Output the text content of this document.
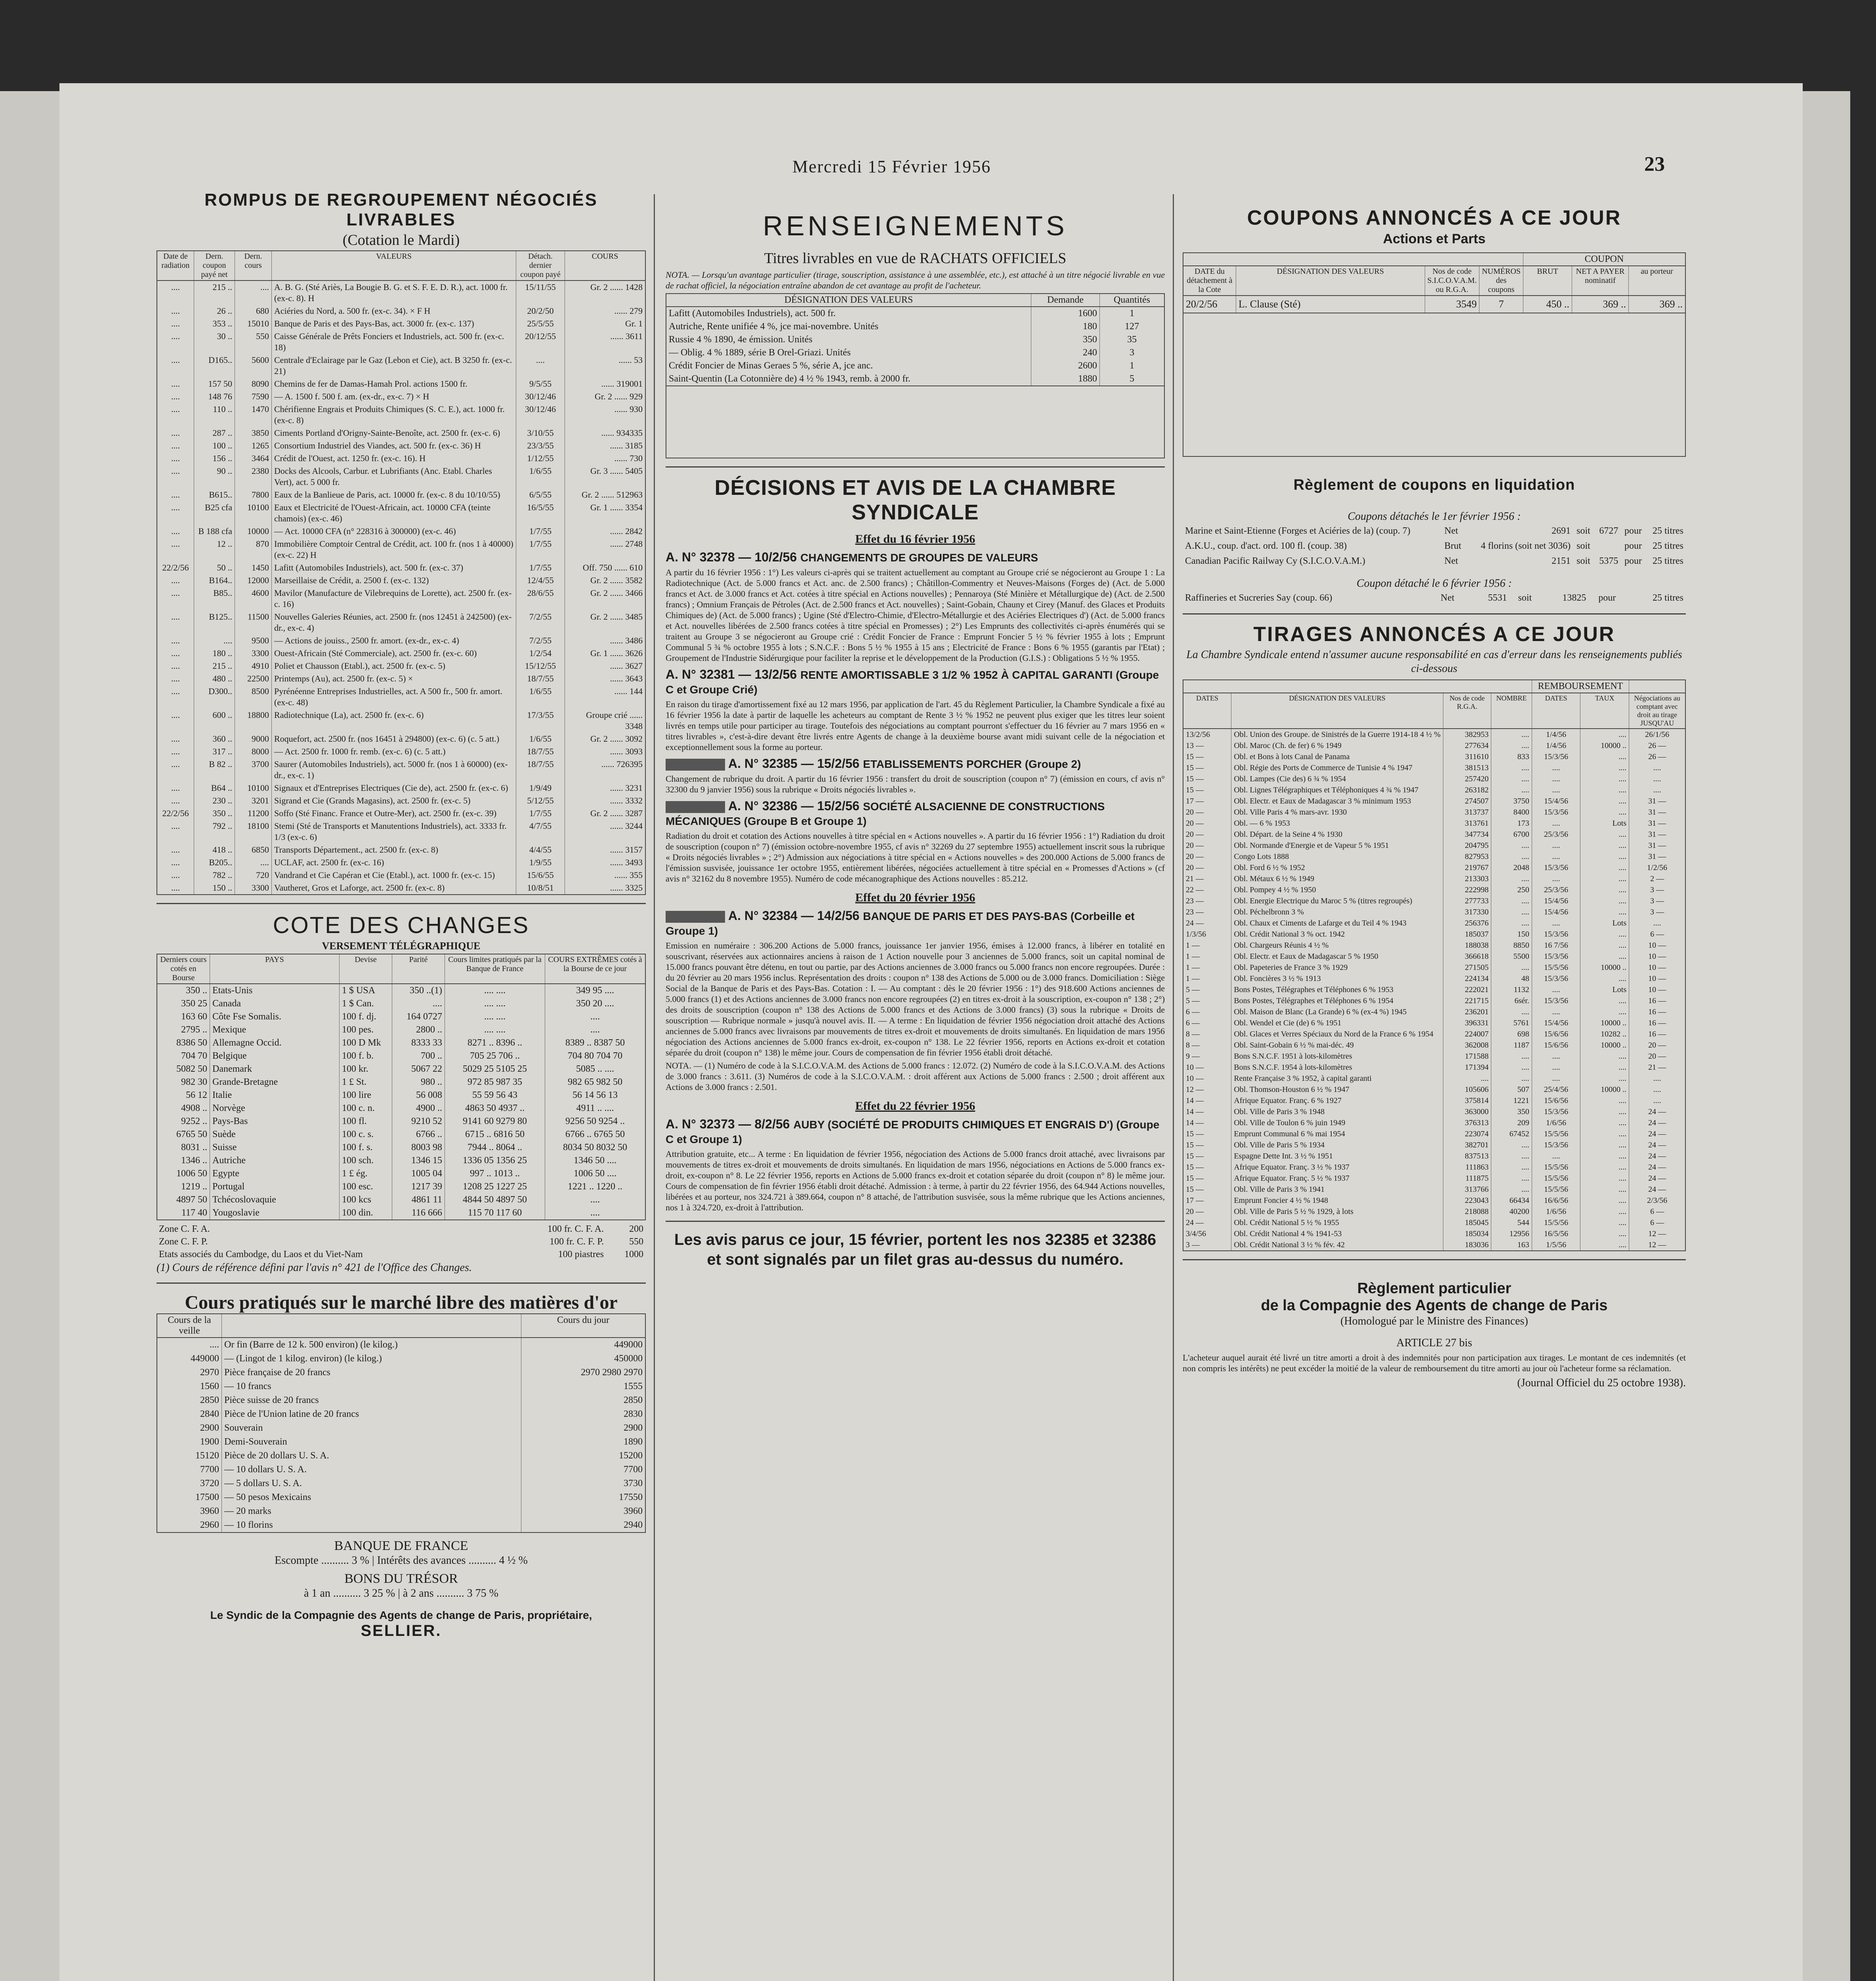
Mercredi 15 Février 1956	23
ROMPUS DE REGROUPEMENT NÉGOCIÉS LIVRABLES
(Cotation le Mardi)
Date de radiation	Dern. coupon payé net	Dern. cours	VALEURS	Détach. dernier coupon payé	COURS
....	215 ..	....	A. B. G. (Sté Ariès, La Bougie B. G. et S. F. E. D. R.), act. 1000 fr. (ex-c. 8). H	15/11/55	Gr. 2 ...... 1428
....	26 ..	680	Aciéries du Nord, a. 500 fr. (ex-c. 34). × F H	20/2/50	...... 279
....	353 ..	15010	Banque de Paris et des Pays-Bas, act. 3000 fr. (ex-c. 137)	25/5/55	Gr. 1
....	30 ..	550	Caisse Générale de Prêts Fonciers et Industriels, act. 500 fr. (ex-c. 18)	20/12/55	...... 3611
....	D165..	5600	Centrale d'Eclairage par le Gaz (Lebon et Cie), act. B 3250 fr. (ex-c. 21)	....	...... 53
....	157 50	8090	Chemins de fer de Damas-Hamah Prol. actions 1500 fr.	9/5/55	...... 319001
....	148 76	7590	— A. 1500 f. 500 f. am. (ex-dr., ex-c. 7) × H	30/12/46	Gr. 2 ...... 929
....	110 ..	1470	Chérifienne Engrais et Produits Chimiques (S. C. E.), act. 1000 fr. (ex-c. 8)	30/12/46	...... 930
....	287 ..	3850	Ciments Portland d'Origny-Sainte-Benoîte, act. 2500 fr. (ex-c. 6)	3/10/55	...... 934335
....	100 ..	1265	Consortium Industriel des Viandes, act. 500 fr. (ex-c. 36) H	23/3/55	...... 3185
....	156 ..	3464	Crédit de l'Ouest, act. 1250 fr. (ex-c. 16). H	1/12/55	...... 730
....	90 ..	2380	Docks des Alcools, Carbur. et Lubrifiants (Anc. Etabl. Charles Vert), act. 5 000 fr.	1/6/55	Gr. 3 ...... 5405
....	B615..	7800	Eaux de la Banlieue de Paris, act. 10000 fr. (ex-c. 8 du 10/10/55)	6/5/55	Gr. 2 ...... 512963
....	B25 cfa	10100	Eaux et Electricité de l'Ouest-Africain, act. 10000 CFA (teinte chamois) (ex-c. 46)	16/5/55	Gr. 1 ...... 3354
....	B 188 cfa	10000	— Act. 10000 CFA (n° 228316 à 300000) (ex-c. 46)	1/7/55	...... 2842
....	12 ..	870	Immobilière Comptoir Central de Crédit, act. 100 fr. (nos 1 à 40000) (ex-c. 22) H	1/7/55	...... 2748
22/2/56	50 ..	1450	Lafitt (Automobiles Industriels), act. 500 fr. (ex-c. 37)	1/7/55	Off. 750 ...... 610
....	B164..	12000	Marseillaise de Crédit, a. 2500 f. (ex-c. 132)	12/4/55	Gr. 2 ...... 3582
....	B85..	4600	Mavilor (Manufacture de Vilebrequins de Lorette), act. 2500 fr. (ex-c. 16)	28/6/55	Gr. 2 ...... 3466
....	B125..	11500	Nouvelles Galeries Réunies, act. 2500 fr. (nos 12451 à 242500) (ex-dr., ex-c. 4)	7/2/55	Gr. 2 ...... 3485
....	....	9500	— Actions de jouiss., 2500 fr. amort. (ex-dr., ex-c. 4)	7/2/55	...... 3486
....	180 ..	3300	Ouest-Africain (Sté Commerciale), act. 2500 fr. (ex-c. 60)	1/2/54	Gr. 1 ...... 3626
....	215 ..	4910	Poliet et Chausson (Etabl.), act. 2500 fr. (ex-c. 5)	15/12/55	...... 3627
....	480 ..	22500	Printemps (Au), act. 2500 fr. (ex-c. 5) ×	18/7/55	...... 3643
....	D300..	8500	Pyrénéenne Entreprises Industrielles, act. A 500 fr., 500 fr. amort. (ex-c. 48)	1/6/55	...... 144
....	600 ..	18800	Radiotechnique (La), act. 2500 fr. (ex-c. 6)	17/3/55	Groupe crié ...... 3348
....	360 ..	9000	Roquefort, act. 2500 fr. (nos 16451 à 294800) (ex-c. 6) (c. 5 att.)	1/6/55	Gr. 2 ...... 3092
....	317 ..	8000	— Act. 2500 fr. 1000 fr. remb. (ex-c. 6) (c. 5 att.)	18/7/55	...... 3093
....	B 82 ..	3700	Saurer (Automobiles Industriels), act. 5000 fr. (nos 1 à 60000) (ex-dr., ex-c. 1)	18/7/55	...... 726395
....	B64 ..	10100	Signaux et d'Entreprises Electriques (Cie de), act. 2500 fr. (ex-c. 6)	1/9/49	...... 3231
....	230 ..	3201	Sigrand et Cie (Grands Magasins), act. 2500 fr. (ex-c. 5)	5/12/55	...... 3332
22/2/56	350 ..	11200	Soffo (Sté Financ. France et Outre-Mer), act. 2500 fr. (ex-c. 39)	1/7/55	Gr. 2 ...... 3287
....	792 ..	18100	Stemi (Sté de Transports et Manutentions Industriels), act. 3333 fr. 1/3 (ex-c. 6)	4/7/55	...... 3244
....	418 ..	6850	Transports Département., act. 2500 fr. (ex-c. 8)	4/4/55	...... 3157
....	B205..	....	UCLAF, act. 2500 fr. (ex-c. 16)	1/9/55	...... 3493
....	782 ..	720	Vandrand et Cie Capéran et Cie (Etabl.), act. 1000 fr. (ex-c. 15)	15/6/55	...... 355
....	150 ..	3300	Vautheret, Gros et Laforge, act. 2500 fr. (ex-c. 8)	10/8/51	...... 3325
COTE DES CHANGES
VERSEMENT TÉLÉGRAPHIQUE
Derniers cours cotés en Bourse	PAYS	Devise	Parité	Cours limites pratiqués par la Banque de France	COURS EXTRÊMES cotés à la Bourse de ce jour
350 ..	Etats-Unis	1 $ USA	350 ..(1)	.... ....	349 95 ....
350 25	Canada	1 $ Can.	....	.... ....	350 20 ....
163 60	Côte Fse Somalis.	100 f. dj.	164 0727	.... ....	....
2795 ..	Mexique	100 pes.	2800 ..	.... ....	....
8386 50	Allemagne Occid.	100 D Mk	8333 33	8271 .. 8396 ..	8389 .. 8387 50
704 70	Belgique	100 f. b.	700 ..	705 25 706 ..	704 80 704 70
5082 50	Danemark	100 kr.	5067 22	5029 25 5105 25	5085 .. ....
982 30	Grande-Bretagne	1 £ St.	980 ..	972 85 987 35	982 65 982 50
56 12	Italie	100 lire	56 008	55 59 56 43	56 14 56 13
4908 ..	Norvège	100 c. n.	4900 ..	4863 50 4937 ..	4911 .. ....
9252 ..	Pays-Bas	100 fl.	9210 52	9141 60 9279 80	9256 50 9254 ..
6765 50	Suède	100 c. s.	6766 ..	6715 .. 6816 50	6766 .. 6765 50
8031 ..	Suisse	100 f. s.	8003 98	7944 .. 8064 ..	8034 50 8032 50
1346 ..	Autriche	100 sch.	1346 15	1336 05 1356 25	1346 50 ....
1006 50	Egypte	1 £ ég.	1005 04	997 .. 1013 ..	1006 50 ....
1219 ..	Portugal	100 esc.	1217 39	1208 25 1227 25	1221 .. 1220 ..
4897 50	Tchécoslovaquie	100 kcs	4861 11	4844 50 4897 50	....
117 40	Yougoslavie	100 din.	116 666	115 70 117 60	....
Zone C. F. A.	100 fr. C. F. A.	200
Zone C. F. P.	100 fr. C. F. P.	550
Etats associés du Cambodge, du Laos et du Viet-Nam	100 piastres	1000
(1) Cours de référence défini par l'avis n° 421 de l'Office des Changes.
Cours pratiqués sur le marché libre des matières d'or
Cours de la veille		Cours du jour
....	Or fin (Barre de 12 k. 500 environ) (le kilog.)	449000
449000	— (Lingot de 1 kilog. environ) (le kilog.)	450000
2970	Pièce française de 20 francs	2970 2980 2970
1560	— 10 francs	1555
2850	Pièce suisse de 20 francs	2850
2840	Pièce de l'Union latine de 20 francs	2830
2900	Souverain	2900
1900	Demi-Souverain	1890
15120	Pièce de 20 dollars U. S. A.	15200
7700	— 10 dollars U. S. A.	7700
3720	— 5 dollars U. S. A.	3730
17500	— 50 pesos Mexicains	17550
3960	— 20 marks	3960
2960	— 10 florins	2940
BANQUE DE FRANCE
Escompte .......... 3 % | Intérêts des avances .......... 4 ½ %
BONS DU TRÉSOR
à 1 an .......... 3 25 % | à 2 ans .......... 3 75 %
Le Syndic de la Compagnie des Agents de change de Paris, propriétaire,
SELLIER.
RENSEIGNEMENTS
Titres livrables en vue de RACHATS OFFICIELS
NOTA. — Lorsqu'un avantage particulier (tirage, souscription, assistance à une assemblée, etc.), est attaché à un titre négocié livrable en vue de rachat officiel, la négociation entraîne abandon de cet avantage au profit de l'acheteur.
DÉSIGNATION DES VALEURS	Demande	Quantités
Lafitt (Automobiles Industriels), act. 500 fr.	1600	1
Autriche, Rente unifiée 4 %, jce mai-novembre. Unités	180	127
Russie 4 % 1890, 4e émission. Unités	350	35
— Oblig. 4 % 1889, série B Orel-Griazi. Unités	240	3
Crédit Foncier de Minas Geraes 5 %, série A, jce anc.	2600	1
Saint-Quentin (La Cotonnière de) 4 ½ % 1943, remb. à 2000 fr.	1880	5
DÉCISIONS ET AVIS DE LA CHAMBRE SYNDICALE
Effet du 16 février 1956
A. N° 32378 — 10/2/56 CHANGEMENTS DE GROUPES DE VALEURS
A partir du 16 février 1956 : 1°) Les valeurs ci-après qui se traitent actuellement au comptant au Groupe crié se négocieront au Groupe 1 : La Radiotechnique (Act. de 5.000 francs et Act. anc. de 2.500 francs) ; Châtillon-Commentry et Neuves-Maisons (Forges de) (Act. de 5.000 francs et Act. de 3.000 francs et Act. cotées à titre spécial en Actions nouvelles) ; Pennaroya (Sté Minière et Métallurgique de) (Act. de 2.500 francs) ; Omnium Français de Pétroles (Act. de 2.500 francs et Act. nouvelles) ; Saint-Gobain, Chauny et Cirey (Manuf. des Glaces et Produits Chimiques de) (Act. de 5.000 francs) ; Ugine (Sté d'Electro-Chimie, d'Electro-Métallurgie et des Aciéries Electriques d') (Act. de 5.000 francs et Act. nouvelles libérées de 2.500 francs cotées à titre spécial en Promesses) ; 2°) Les Emprunts des collectivités ci-après énumérés qui se traitent au Groupe 3 se négocieront au Groupe crié : Crédit Foncier de France : Emprunt Foncier 5 ½ % février 1955 à lots ; Emprunt Communal 5 ¾ % octobre 1955 à lots ; S.N.C.F. : Bons 5 ½ % 1955 à 15 ans ; Electricité de France : Bons 6 % 1955 (garantis par l'Etat) ; Groupement de l'Industrie Sidérurgique pour faciliter la reprise et le développement de la Production (G.I.S.) : Obligations 5 ½ % 1955.
A. N° 32381 — 13/2/56 RENTE AMORTISSABLE 3 1/2 % 1952 À CAPITAL GARANTI (Groupe C et Groupe Crié)
En raison du tirage d'amortissement fixé au 12 mars 1956, par application de l'art. 45 du Règlement Particulier, la Chambre Syndicale a fixé au 16 février 1956 la date à partir de laquelle les acheteurs au comptant de Rente 3 ½ % 1952 ne peuvent plus exiger que les titres leur soient livrés en temps utile pour participer au tirage. Toutefois des négociations au comptant pourront s'effectuer du 16 février au 7 mars 1956 en « titres livrables », c'est-à-dire devant être livrés entre Agents de change à la deuxième bourse avant midi suivant celle de la négociation et exceptionnellement sous la forme au porteur.
A. N° 32385 — 15/2/56 ETABLISSEMENTS PORCHER (Groupe 2)
Changement de rubrique du droit. A partir du 16 février 1956 : transfert du droit de souscription (coupon n° 7) (émission en cours, cf avis n° 32300 du 9 janvier 1956) sous la rubrique « Droits négociés livrables ».
A. N° 32386 — 15/2/56 SOCIÉTÉ ALSACIENNE DE CONSTRUCTIONS MÉCANIQUES (Groupe B et Groupe 1)
Radiation du droit et cotation des Actions nouvelles à titre spécial en « Actions nouvelles ». A partir du 16 février 1956 : 1°) Radiation du droit de souscription (coupon n° 7) (émission octobre-novembre 1955, cf avis n° 32269 du 27 septembre 1955) actuellement inscrit sous la rubrique « Droits négociés livrables » ; 2°) Admission aux négociations à titre spécial en « Actions nouvelles » des 200.000 Actions de 5.000 francs de l'émission susvisée, jouissance 1er octobre 1955, entièrement libérées, négociées actuellement à titre spécial en « Promesses d'Actions » (cf avis n° 32162 du 8 novembre 1955). Numéro de code mécanographique des Actions nouvelles : 85.212.
Effet du 20 février 1956
A. N° 32384 — 14/2/56 BANQUE DE PARIS ET DES PAYS-BAS (Corbeille et Groupe 1)
Emission en numéraire : 306.200 Actions de 5.000 francs, jouissance 1er janvier 1956, émises à 12.000 francs, à libérer en totalité en souscrivant, réservées aux actionnaires anciens à raison de 1 Action nouvelle pour 3 anciennes de 5.000 francs, soit un capital nominal de 15.000 francs pouvant être détenu, en tout ou partie, par des Actions anciennes de 3.000 francs ou 5.000 francs non encore regroupées. Durée : du 20 février au 20 mars 1956 inclus. Représentation des droits : coupon n° 138 des Actions de 5.000 ou de 3.000 francs. Domiciliation : Siège Social de la Banque de Paris et des Pays-Bas. Cotation : I. — Au comptant : dès le 20 février 1956 : 1°) des 918.600 Actions anciennes de 5.000 francs (1) et des Actions anciennes de 3.000 francs non encore regroupées (2) en titres ex-droit à la souscription, ex-coupon n° 138 ; 2°) des droits de souscription (coupon n° 138 des Actions de 5.000 francs et des Actions de 3.000 francs) (3) sous la rubrique « Droits de souscription — Rubrique normale » jusqu'à nouvel avis. II. — A terme : En liquidation de février 1956 négociation droit attaché des Actions anciennes de 5.000 francs avec livraisons par mouvements de titres ex-droit et mouvements de droits simultanés. En liquidation de mars 1956 négociation des Actions anciennes de 5.000 francs ex-droit, ex-coupon n° 138. Le 22 février 1956, reports en Actions ex-droit et cotation séparée du droit (coupon n° 138) le même jour. Cours de compensation de fin février 1956 établi droit détaché.
NOTA. — (1) Numéro de code à la S.I.C.O.V.A.M. des Actions de 5.000 francs : 12.072. (2) Numéro de code à la S.I.C.O.V.A.M. des Actions de 3.000 francs : 3.611. (3) Numéros de code à la S.I.C.O.V.A.M. : droit afférent aux Actions de 5.000 francs : 2.500 ; droit afférent aux Actions de 3.000 francs : 2.501.
Effet du 22 février 1956
A. N° 32373 — 8/2/56 AUBY (SOCIÉTÉ DE PRODUITS CHIMIQUES ET ENGRAIS D') (Groupe C et Groupe 1)
Attribution gratuite, etc... A terme : En liquidation de février 1956, négociation des Actions de 5.000 francs droit attaché, avec livraisons par mouvements de titres ex-droit et mouvements de droits simultanés. En liquidation de mars 1956, négociations en Actions de 5.000 francs ex-droit, ex-coupon n° 8. Le 22 février 1956, reports en Actions de 5.000 francs ex-droit et cotation séparée du droit (coupon n° 8) le même jour. Cours de compensation de fin février 1956 établi droit détaché. Admission : à terme, à partir du 22 février 1956, des 64.944 Actions nouvelles, libérées et au porteur, nos 324.721 à 389.664, coupon n° 8 attaché, de l'attribution susvisée, sous la même rubrique que les Actions anciennes, nos 1 à 324.720, ex-droit à l'attribution.
Les avis parus ce jour, 15 février, portent les nos 32385 et 32386 et sont signalés par un filet gras au-dessus du numéro.
COUPONS ANNONCÉS A CE JOUR
Actions et Parts
				COUPON		
DATE du détachement à la Cote	DÉSIGNATION DES VALEURS	Nos de code S.I.C.O.V.A.M. ou R.G.A.	NUMÉROS des coupons	BRUT	NET A PAYER nominatif	au porteur
20/2/56	L. Clause (Sté)	3549	7	450 ..	369 ..	369 ..
Règlement de coupons en liquidation
Coupons détachés le 1er février 1956 :
Marine et Saint-Etienne (Forges et Aciéries de la) (coup. 7)	Net	2691	soit	6727	pour	25 titres
A.K.U., coup. d'act. ord. 100 fl. (coup. 38)	Brut	4 florins (soit net 3036)	soit		pour	25 titres
Canadian Pacific Railway Cy (S.I.C.O.V.A.M.)	Net	2151	soit	5375	pour	25 titres
Coupon détaché le 6 février 1956 :
Raffineries et Sucreries Say (coup. 66)	Net	5531	soit	13825	pour	25 titres
TIRAGES ANNONCÉS A CE JOUR
La Chambre Syndicale entend n'assumer aucune responsabilité en cas d'erreur dans les renseignements publiés ci-dessous
				REMBOURSEMENT		
DATES	DÉSIGNATION DES VALEURS	Nos de code R.G.A.	NOMBRE	DATES	TAUX	Négociations au comptant avec droit au tirage JUSQU'AU
13/2/56	Obl. Union des Groupe. de Sinistrés de la Guerre 1914-18 4 ½ %	382953	....	1/4/56	....	26/1/56
13 —	Obl. Maroc (Ch. de fer) 6 % 1949	277634	....	1/4/56	10000 ..	26 —
15 —	Obl. et Bons à lots Canal de Panama	311610	833	15/3/56	....	26 —
15 —	Obl. Régie des Ports de Commerce de Tunisie 4 % 1947	381513	....	....	....	....
15 —	Obl. Lampes (Cie des) 6 ¾ % 1954	257420	....	....	....	....
15 —	Obl. Lignes Télégraphiques et Téléphoniques 4 ¾ % 1947	263182	....	....	....	....
17 —	Obl. Electr. et Eaux de Madagascar 3 % minimum 1953	274507	3750	15/4/56	....	31 —
20 —	Obl. Ville Paris 4 % mars-avr. 1930	313737	8400	15/3/56	....	31 —
20 —	Obl. — 6 % 1953	313761	173	....	Lots	31 —
20 —	Obl. Départ. de la Seine 4 % 1930	347734	6700	25/3/56	....	31 —
20 —	Obl. Normande d'Energie et de Vapeur 5 % 1951	204795	....	....	....	31 —
20 —	Congo Lots 1888	827953	....	....	....	31 —
20 —	Obl. Ford 6 ½ % 1952	219767	2048	15/3/56	....	1/2/56
21 —	Obl. Métaux 6 ½ % 1949	213303	....	....	....	2 —
22 —	Obl. Pompey 4 ½ % 1950	222998	250	25/3/56	....	3 —
23 —	Obl. Energie Electrique du Maroc 5 % (titres regroupés)	277733	....	15/4/56	....	3 —
23 —	Obl. Péchelbronn 3 %	317330	....	15/4/56	....	3 —
24 —	Obl. Chaux et Ciments de Lafarge et du Teil 4 % 1943	256376	....	....	Lots	....
1/3/56	Obl. Crédit National 3 % oct. 1942	185037	150	15/3/56	....	6 —
1 —	Obl. Chargeurs Réunis 4 ½ %	188038	8850	16 7/56	....	10 —
1 —	Obl. Electr. et Eaux de Madagascar 5 % 1950	366618	5500	15/3/56	....	10 —
1 —	Obl. Papeteries de France 3 % 1929	271505	....	15/5/56	10000 ..	10 —
1 —	Obl. Foncières 3 ½ % 1913	224134	48	15/3/56	....	10 —
5 —	Bons Postes, Télégraphes et Téléphones 6 % 1953	222021	1132	....	Lots	10 —
5 —	Bons Postes, Télégraphes et Téléphones 6 % 1954	221715	6sér.	15/3/56	....	16 —
6 —	Obl. Maison de Blanc (La Grande) 6 % (ex-4 %) 1945	236201	....	....	....	16 —
6 —	Obl. Wendel et Cie (de) 6 % 1951	396331	5761	15/4/56	10000 ..	16 —
8 —	Obl. Glaces et Verres Spéciaux du Nord de la France 6 % 1954	224007	698	15/6/56	10282 ..	16 —
8 —	Obl. Saint-Gobain 6 ½ % mai-déc. 49	362008	1187	15/6/56	10000 ..	20 —
9 —	Bons S.N.C.F. 1951 à lots-kilomètres	171588	....	....	....	20 —
10 —	Bons S.N.C.F. 1954 à lots-kilomètres	171394	....	....	....	21 —
10 —	Rente Française 3 % 1952, à capital garanti	....	....	....	....	....
12 —	Obl. Thomson-Houston 6 ½ % 1947	105606	507	25/4/56	10000 ..	....
14 —	Afrique Equator. Franç. 6 % 1927	375814	1221	15/6/56	....	....
14 —	Obl. Ville de Paris 3 % 1948	363000	350	15/3/56	....	24 —
14 —	Obl. Ville de Toulon 6 % juin 1949	376313	209	1/6/56	....	24 —
15 —	Emprunt Communal 6 % mai 1954	223074	67452	15/5/56	....	24 —
15 —	Obl. Ville de Paris 5 % 1934	382701	....	15/3/56	....	24 —
15 —	Espagne Dette Int. 3 ½ % 1951	837513	....	....	....	24 —
15 —	Afrique Equator. Franç. 3 ½ % 1937	111863	....	15/5/56	....	24 —
15 —	Afrique Equator. Franç. 5 ½ % 1937	111875	....	15/5/56	....	24 —
15 —	Obl. Ville de Paris 3 % 1941	313766	....	15/5/56	....	24 —
17 —	Emprunt Foncier 4 ½ % 1948	223043	66434	16/6/56	....	2/3/56
20 —	Obl. Ville de Paris 5 ½ % 1929, à lots	218088	40200	1/6/56	....	6 —
24 —	Obl. Crédit National 5 ½ % 1955	185045	544	15/5/56	....	6 —
3/4/56	Obl. Crédit National 4 % 1941-53	185034	12956	16/5/56	....	12 —
3 —	Obl. Crédit National 3 ½ % fév. 42	183036	163	1/5/56	....	12 —
Règlement particulier
de la Compagnie des Agents de change de Paris
(Homologué par le Ministre des Finances)
ARTICLE 27 bis
L'acheteur auquel aurait été livré un titre amorti a droit à des indemnités pour non participation aux tirages. Le montant de ces indemnités (et non compris les intérêts) ne peut excéder la moitié de la valeur de remboursement du titre amorti au jour où l'acheteur forme sa réclamation.
(Journal Officiel du 25 octobre 1938).
